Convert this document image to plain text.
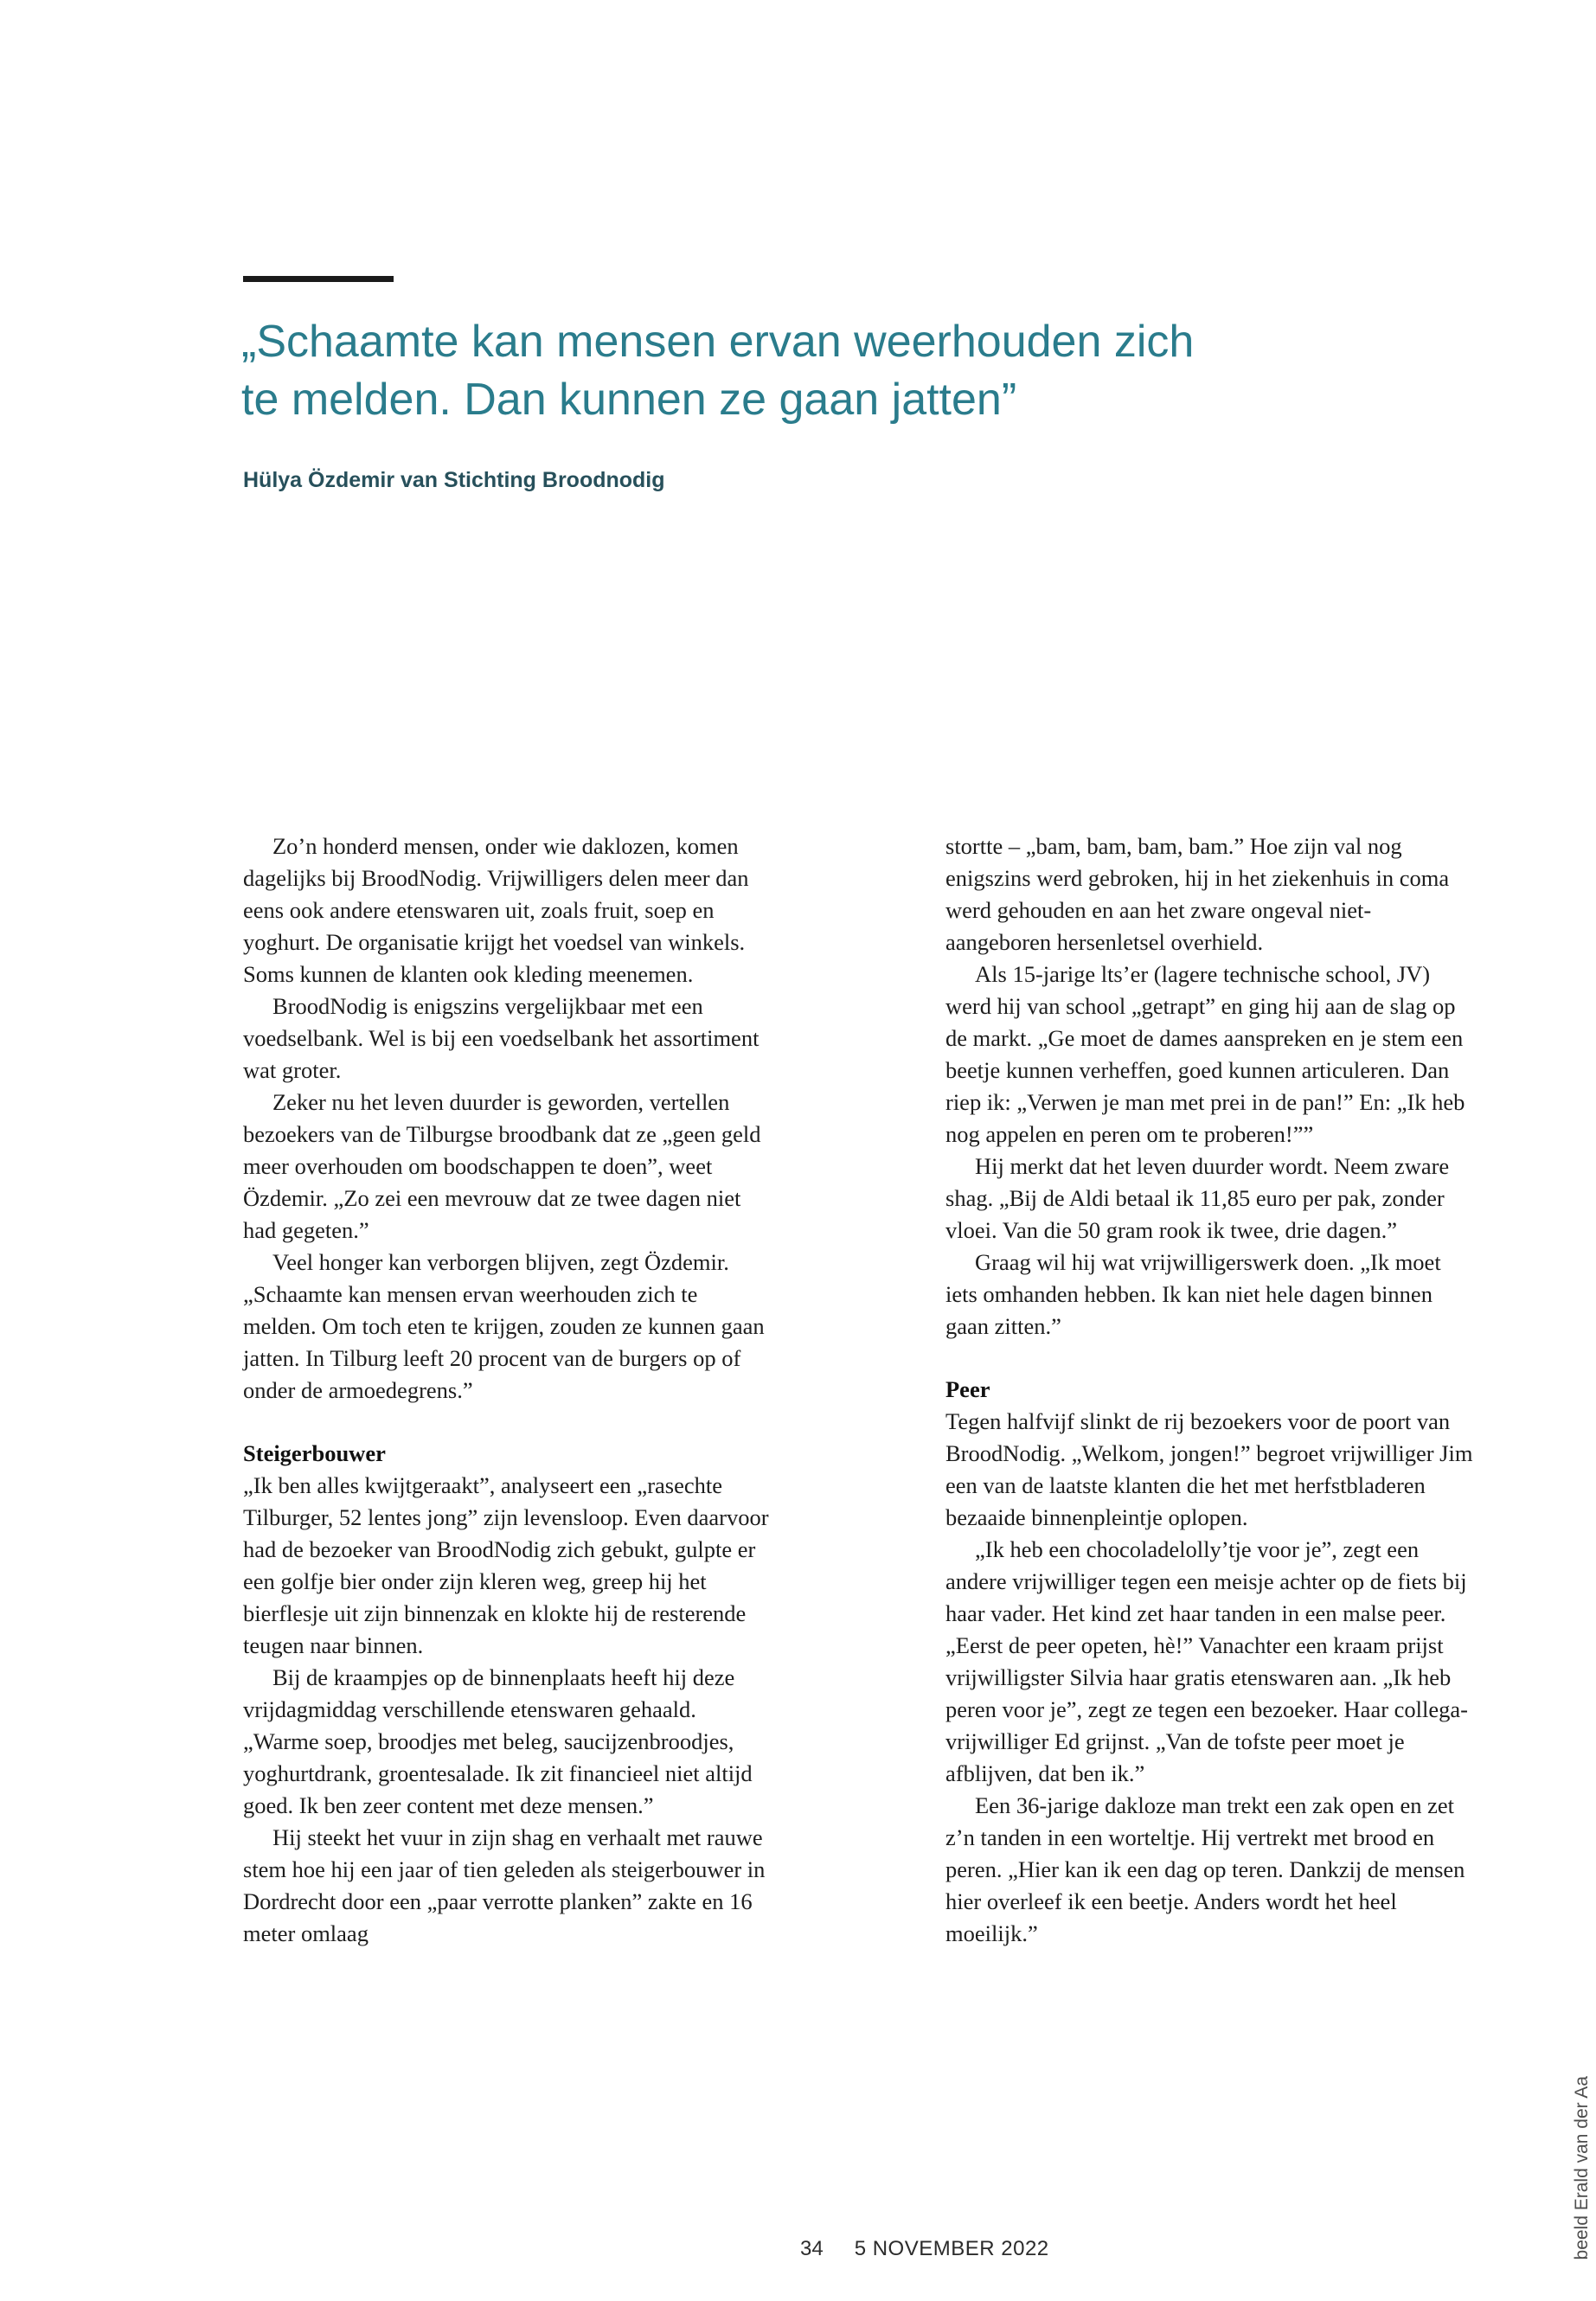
„Schaamte kan mensen ervan weerhouden zich
te melden. Dan kunnen ze gaan jatten”
Hülya Özdemir van Stichting Broodnodig

Zo’n honderd mensen, onder wie daklozen, komen dagelijks bij BroodNodig. Vrijwilligers delen meer dan eens ook andere etenswaren uit, zoals fruit, soep en yoghurt. De organisatie krijgt het voedsel van winkels. Soms kunnen de klanten ook kleding meenemen.

BroodNodig is enigszins vergelijkbaar met een voedselbank. Wel is bij een voedselbank het assortiment wat groter.

Zeker nu het leven duurder is geworden, vertellen bezoekers van de Tilburgse broodbank dat ze „geen geld meer overhouden om boodschappen te doen”, weet Özdemir. „Zo zei een mevrouw dat ze twee dagen niet had gegeten.”

Veel honger kan verborgen blijven, zegt Özdemir. „Schaamte kan mensen ervan weerhouden zich te melden. Om toch eten te krijgen, zouden ze kunnen gaan jatten. In Tilburg leeft 20 procent van de burgers op of onder de armoedegrens.”

Steigerbouwer

„Ik ben alles kwijtgeraakt”, analyseert een „rasechte Tilburger, 52 lentes jong” zijn levensloop. Even daarvoor had de bezoeker van BroodNodig zich gebukt, gulpte er een golfje bier onder zijn kleren weg, greep hij het bierflesje uit zijn binnenzak en klokte hij de resterende teugen naar binnen.

Bij de kraampjes op de binnenplaats heeft hij deze vrijdagmiddag verschillende etenswaren gehaald. „Warme soep, broodjes met beleg, saucijzenbroodjes, yoghurtdrank, groentesalade. Ik zit financieel niet altijd goed. Ik ben zeer content met deze mensen.”

Hij steekt het vuur in zijn shag en verhaalt met rauwe stem hoe hij een jaar of tien geleden als steigerbouwer in Dordrecht door een „paar verrotte planken” zakte en 16 meter omlaag

stortte – „bam, bam, bam, bam.” Hoe zijn val nog enigszins werd gebroken, hij in het ziekenhuis in coma werd gehouden en aan het zware ongeval niet-aangeboren hersenletsel overhield.

Als 15-jarige lts’er (lagere technische school, JV) werd hij van school „getrapt” en ging hij aan de slag op de markt. „Ge moet de dames aanspreken en je stem een beetje kunnen verheffen, goed kunnen articuleren. Dan riep ik: „Verwen je man met prei in de pan!” En: „Ik heb nog appelen en peren om te proberen!””

Hij merkt dat het leven duurder wordt. Neem zware shag. „Bij de Aldi betaal ik 11,85 euro per pak, zonder vloei. Van die 50 gram rook ik twee, drie dagen.”

Graag wil hij wat vrijwilligerswerk doen. „Ik moet iets omhanden hebben. Ik kan niet hele dagen binnen gaan zitten.”

Peer

Tegen halfvijf slinkt de rij bezoekers voor de poort van BroodNodig. „Welkom, jongen!” begroet vrijwilliger Jim een van de laatste klanten die het met herfstbladeren bezaaide binnenpleintje oplopen.

„Ik heb een chocoladelolly’tje voor je”, zegt een andere vrijwilliger tegen een meisje achter op de fiets bij haar vader. Het kind zet haar tanden in een malse peer. „Eerst de peer opeten, hè!” Vanachter een kraam prijst vrijwilligster Silvia haar gratis etenswaren aan. „Ik heb peren voor je”, zegt ze tegen een bezoeker. Haar collega-vrijwilliger Ed grijnst. „Van de tofste peer moet je afblijven, dat ben ik.”

Een 36-jarige dakloze man trekt een zak open en zet z’n tanden in een worteltje. Hij vertrekt met brood en peren. „Hier kan ik een dag op teren. Dankzij de mensen hier overleef ik een beetje. Anders wordt het heel moeilijk.”

34 5 NOVEMBER 2022	beeld Erald van der Aa
